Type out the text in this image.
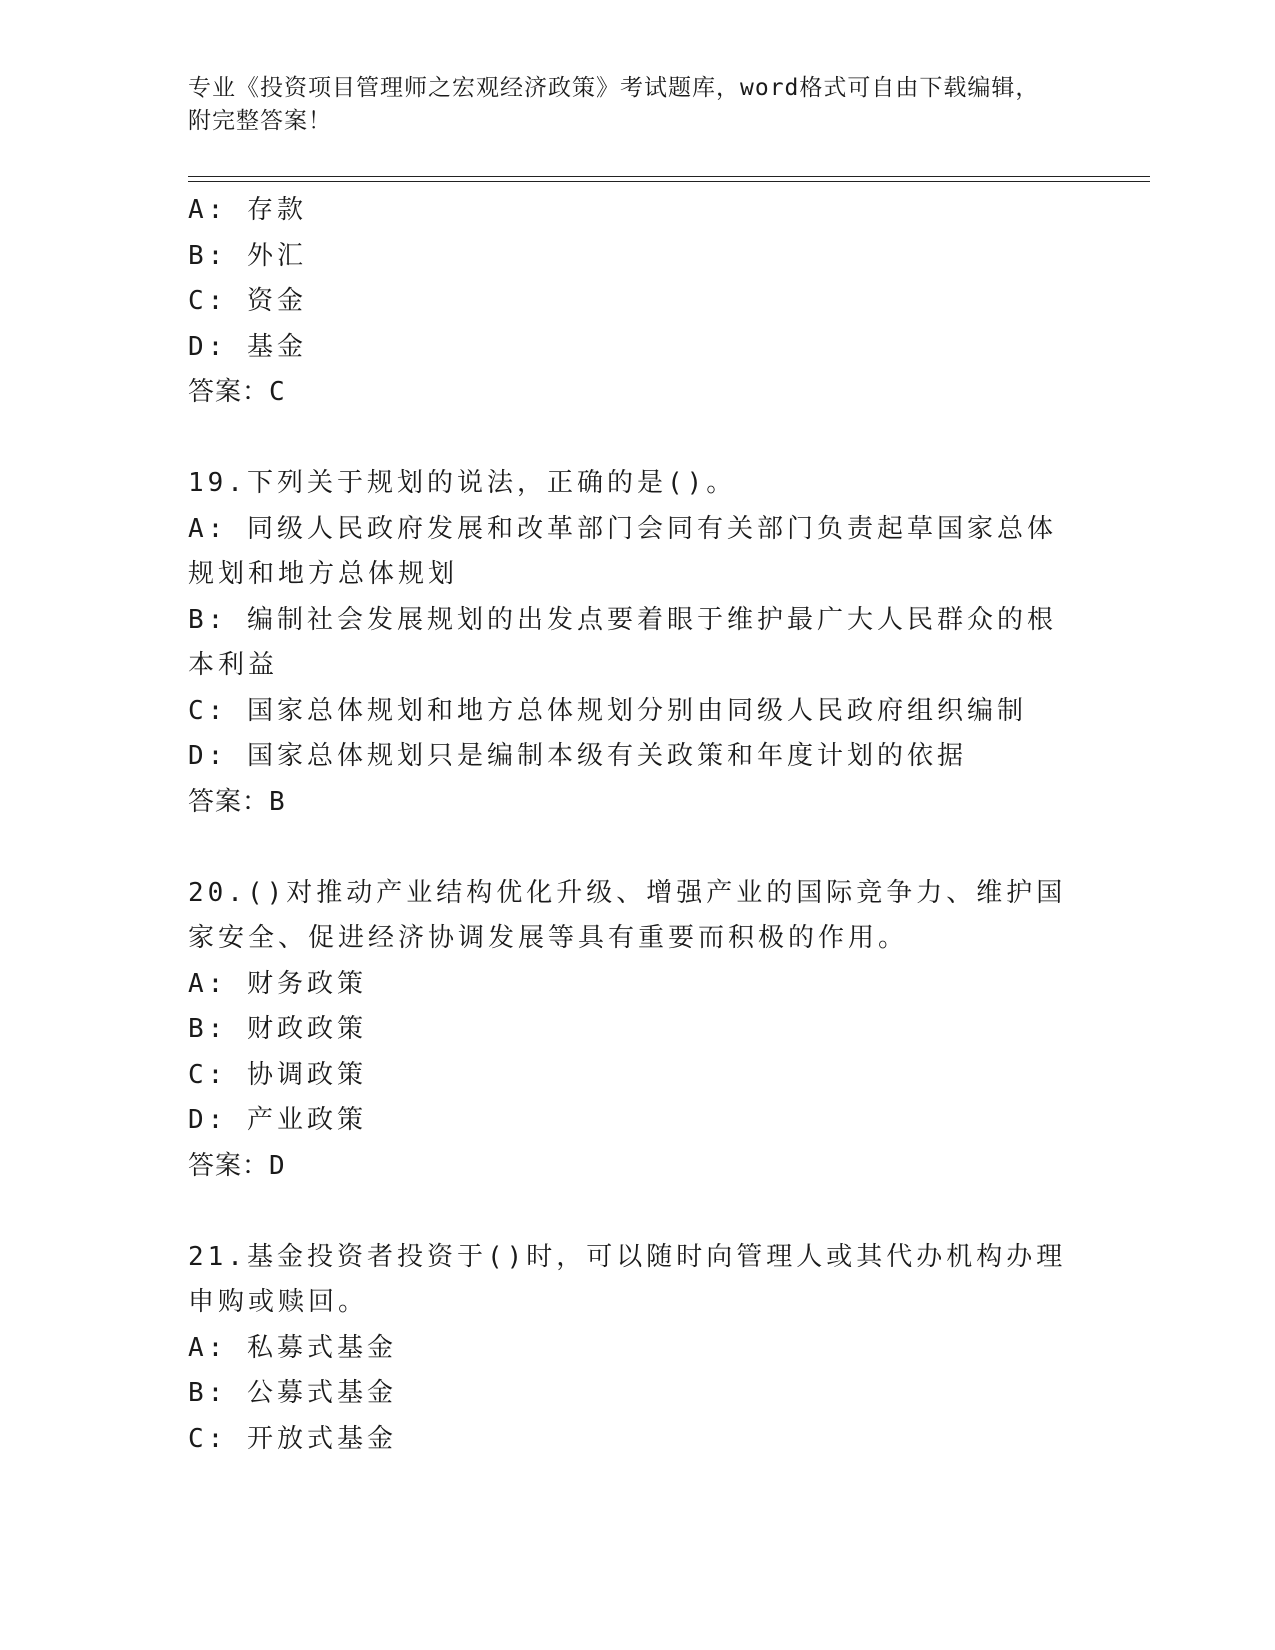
专业《投资项目管理师之宏观经济政策》考试题库，word格式可自由下载编辑，
附完整答案！
A: 存款
B: 外汇
C: 资金
D: 基金
答案：C
19.下列关于规划的说法，正确的是()。
A: 同级人民政府发展和改革部门会同有关部门负责起草国家总体规划和地方总体规划
B: 编制社会发展规划的出发点要着眼于维护最广大人民群众的根本利益
C: 国家总体规划和地方总体规划分别由同级人民政府组织编制
D: 国家总体规划只是编制本级有关政策和年度计划的依据
答案：B
20.()对推动产业结构优化升级、增强产业的国际竞争力、维护国家安全、促进经济协调发展等具有重要而积极的作用。
A: 财务政策
B: 财政政策
C: 协调政策
D: 产业政策
答案：D
21.基金投资者投资于()时，可以随时向管理人或其代办机构办理申购或赎回。
A: 私募式基金
B: 公募式基金
C: 开放式基金
